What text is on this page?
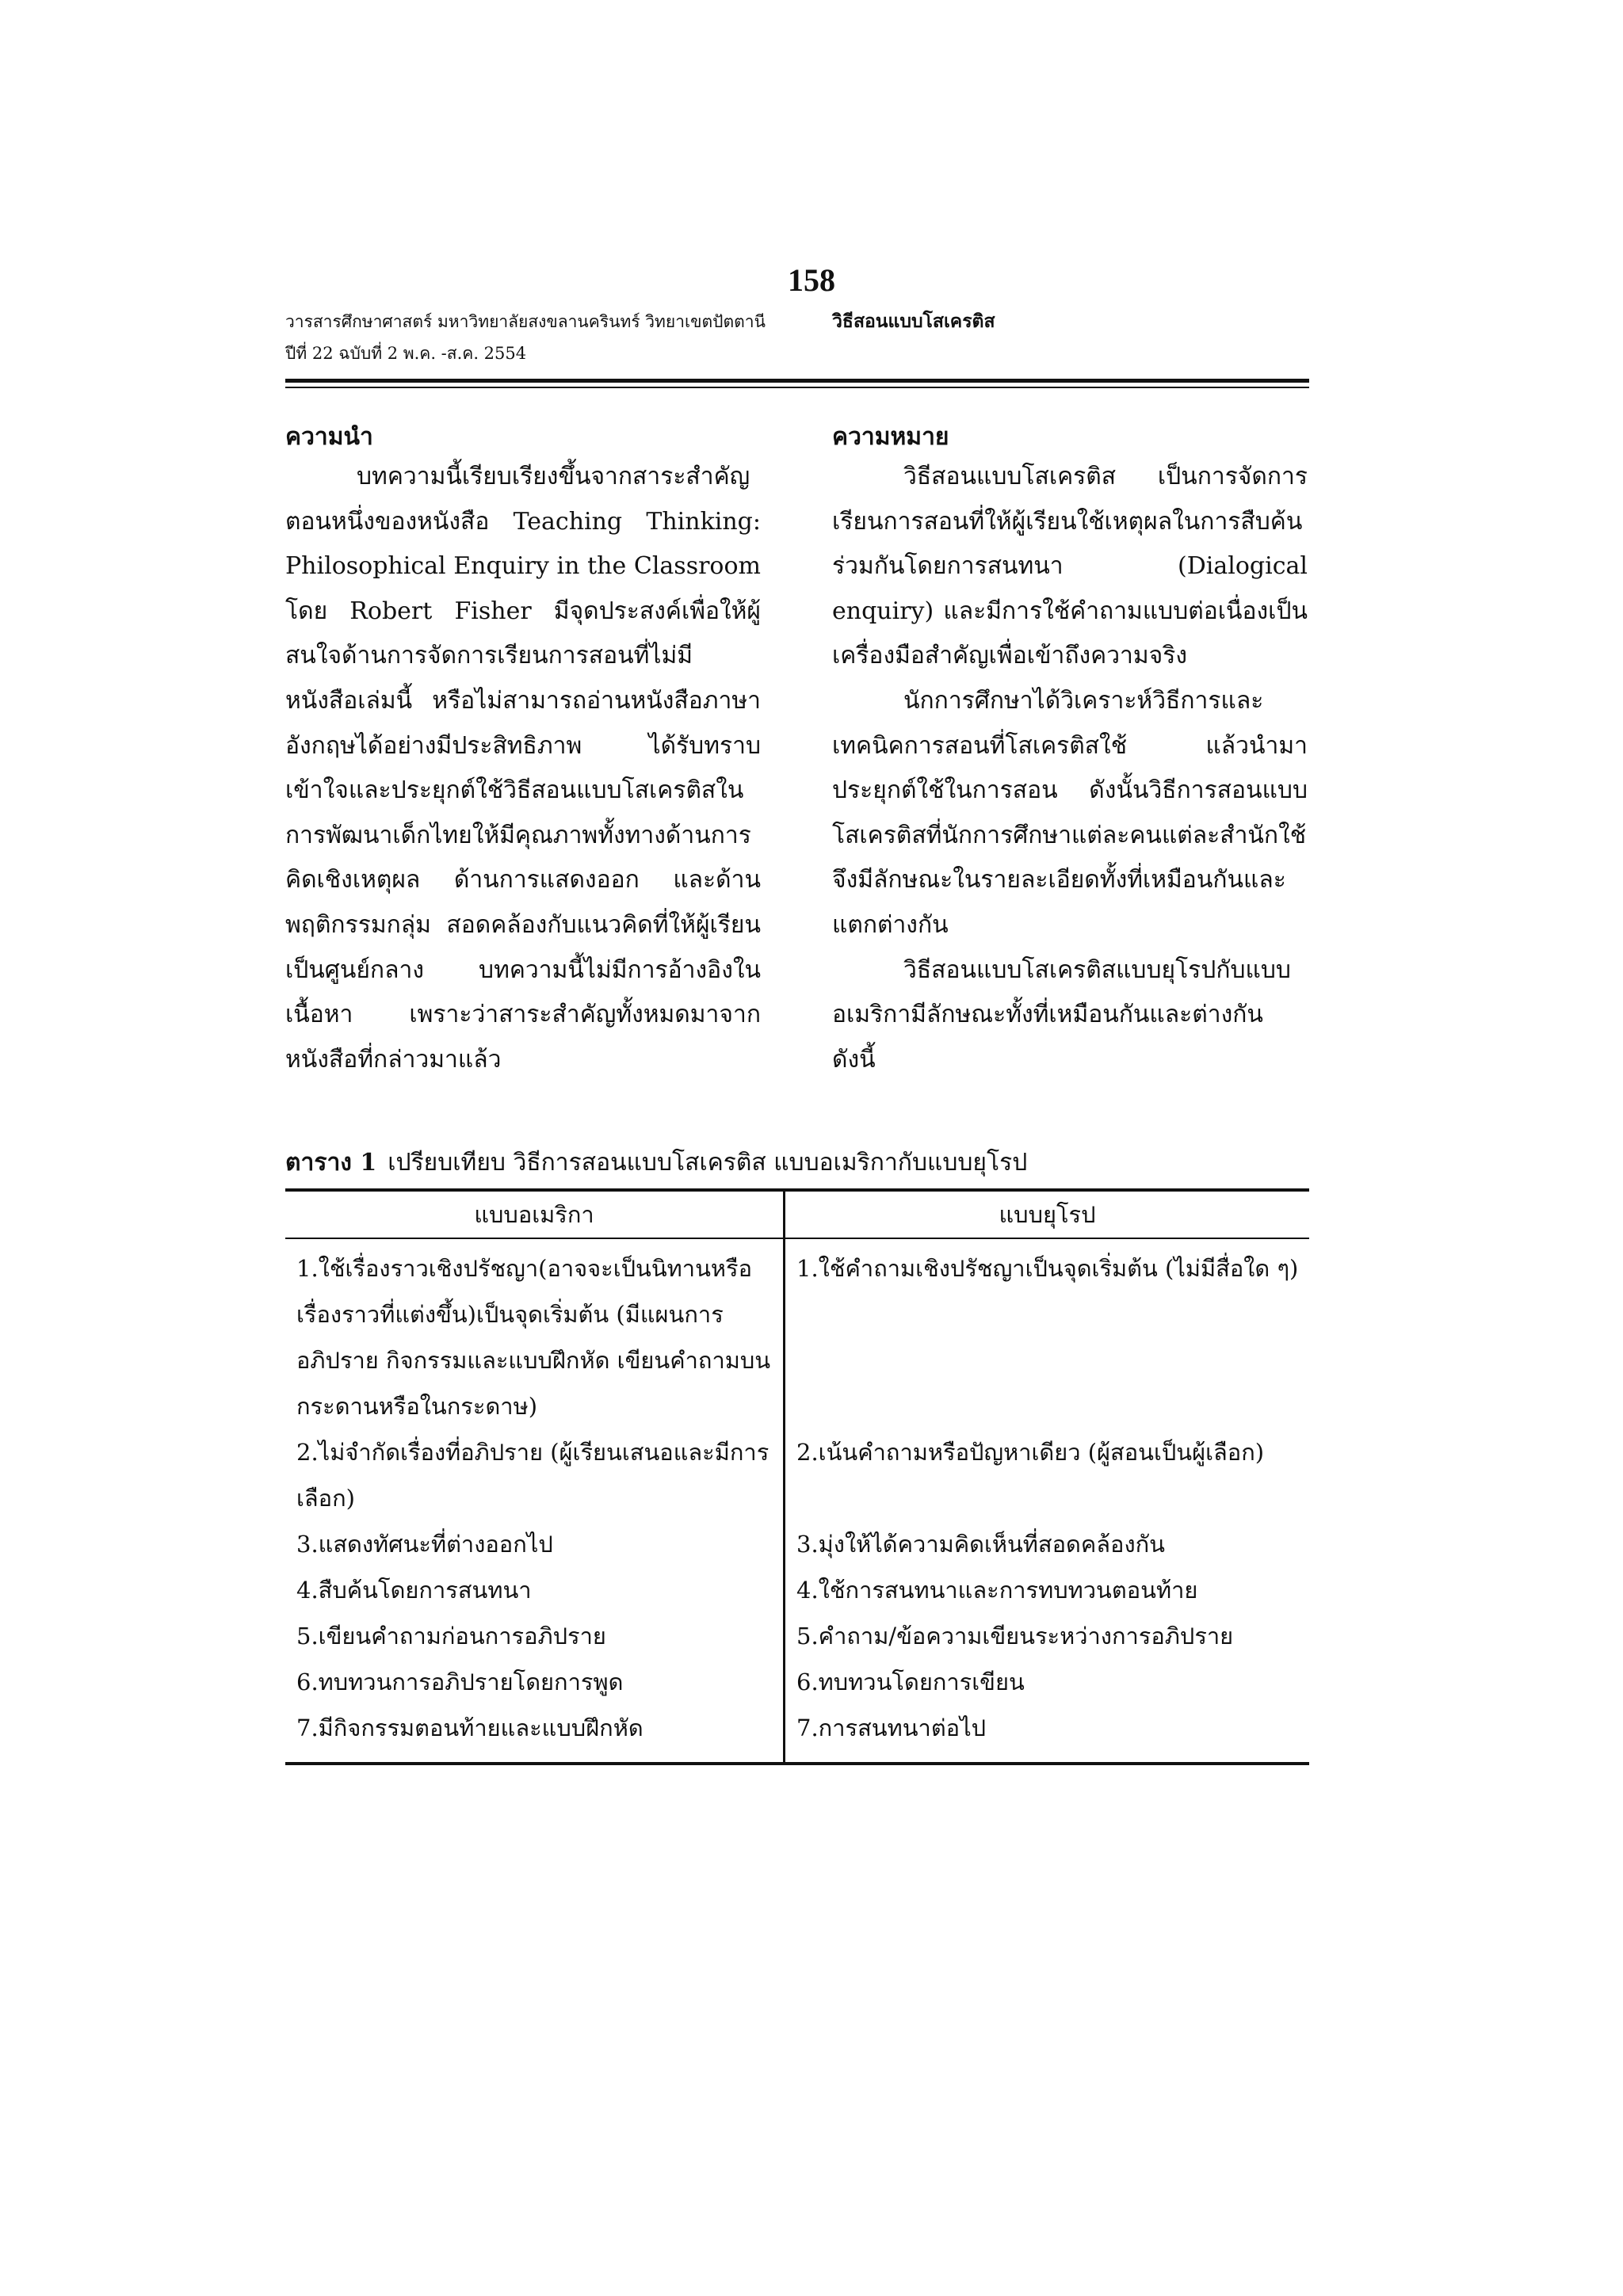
158
วารสารศึกษาศาสตร์ มหาวิทยาลัยสงขลานครินทร์ วิทยาเขตปัตตานี
ปีที่ 22 ฉบับที่ 2 พ.ค. -ส.ค. 2554
วิธีสอนแบบโสเครติส
ความนำ

บทความนี้เรียบเรียงขึ้นจากสาระสำคัญตอนหนึ่งของหนังสือ Teaching Thinking: Philosophical Enquiry in the Classroom โดย Robert Fisher มีจุดประสงค์เพื่อให้ผู้สนใจด้านการจัดการเรียนการสอนที่ไม่มีหนังสือเล่มนี้ หรือไม่สามารถอ่านหนังสือภาษาอังกฤษได้อย่างมีประสิทธิภาพ ได้รับทราบ เข้าใจและประยุกต์ใช้วิธีสอนแบบโสเครติสในการพัฒนาเด็กไทยให้มีคุณภาพทั้งทางด้านการคิดเชิงเหตุผล ด้านการแสดงออก และด้านพฤติกรรมกลุ่ม สอดคล้องกับแนวคิดที่ให้ผู้เรียนเป็นศูนย์กลาง บทความนี้ไม่มีการอ้างอิงในเนื้อหา เพราะว่าสาระสำคัญทั้งหมดมาจากหนังสือที่กล่าวมาแล้ว

ความหมาย

วิธีสอนแบบโสเครติส เป็นการจัดการเรียนการสอนที่ให้ผู้เรียนใช้เหตุผลในการสืบค้นร่วมกันโดยการสนทนา (Dialogical enquiry) และมีการใช้คำถามแบบต่อเนื่องเป็นเครื่องมือสำคัญเพื่อเข้าถึงความจริง

นักการศึกษาได้วิเคราะห์วิธีการและเทคนิคการสอนที่โสเครติสใช้ แล้วนำมาประยุกต์ใช้ในการสอน ดังนั้นวิธีการสอนแบบโสเครติสที่นักการศึกษาแต่ละคนแต่ละสำนักใช้จึงมีลักษณะในรายละเอียดทั้งที่เหมือนกันและแตกต่างกัน

วิธีสอนแบบโสเครติสแบบยุโรปกับแบบอเมริกามีลักษณะทั้งที่เหมือนกันและต่างกัน ดังนี้

ตาราง 1 เปรียบเทียบ วิธีการสอนแบบโสเครติส แบบอเมริกากับแบบยุโรป
แบบอเมริกา	แบบยุโรป
1.ใช้เรื่องราวเชิงปรัชญา(อาจจะเป็นนิทานหรือเรื่องราวที่แต่งขึ้น)เป็นจุดเริ่มต้น (มีแผนการอภิปราย กิจกรรมและแบบฝึกหัด เขียนคำถามบนกระดานหรือในกระดาษ)	1.ใช้คำถามเชิงปรัชญาเป็นจุดเริ่มต้น (ไม่มีสื่อใด ๆ)
2.ไม่จำกัดเรื่องที่อภิปราย (ผู้เรียนเสนอและมีการเลือก)	2.เน้นคำถามหรือปัญหาเดียว (ผู้สอนเป็นผู้เลือก)
3.แสดงทัศนะที่ต่างออกไป	3.มุ่งให้ได้ความคิดเห็นที่สอดคล้องกัน
4.สืบค้นโดยการสนทนา	4.ใช้การสนทนาและการทบทวนตอนท้าย
5.เขียนคำถามก่อนการอภิปราย	5.คำถาม/ข้อความเขียนระหว่างการอภิปราย
6.ทบทวนการอภิปรายโดยการพูด	6.ทบทวนโดยการเขียน
7.มีกิจกรรมตอนท้ายและแบบฝึกหัด	7.การสนทนาต่อไป
